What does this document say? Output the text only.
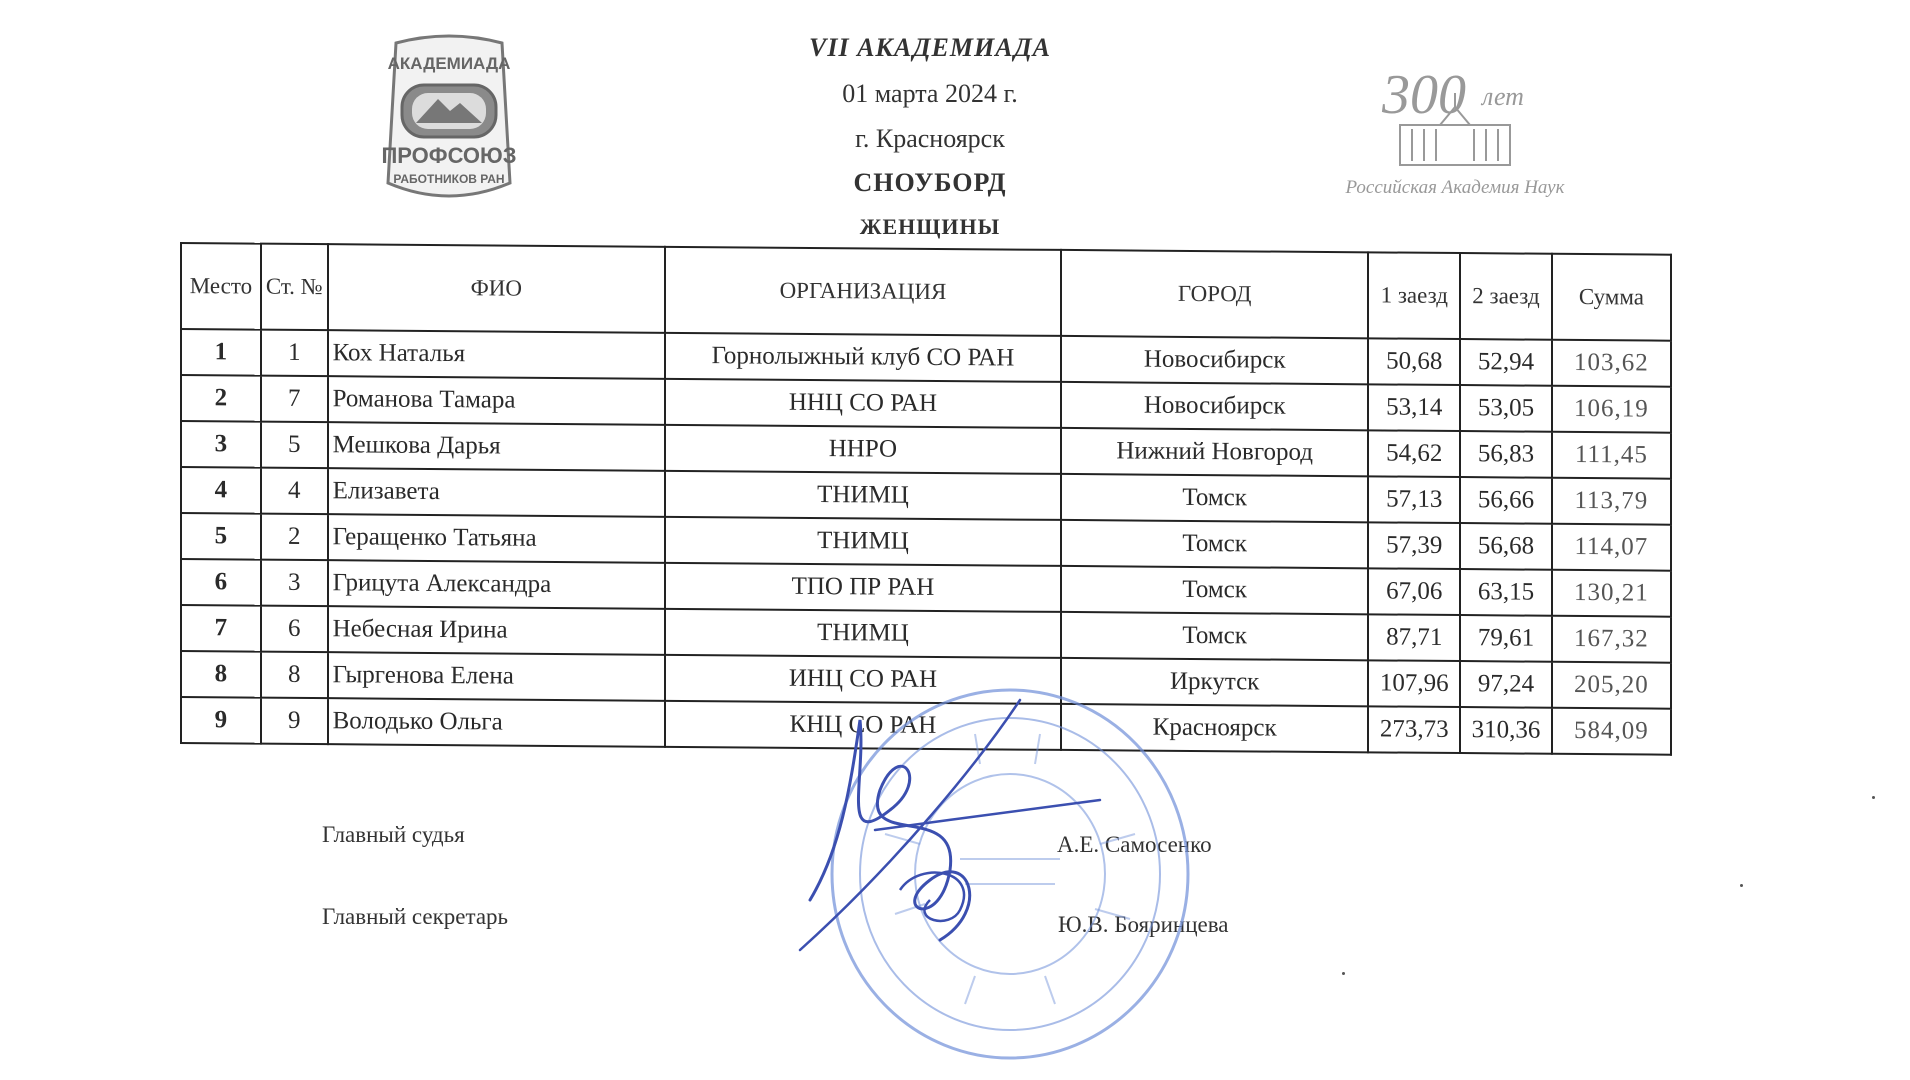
АКАДЕМИАДА
ПРОФСОЮЗ
РАБОТНИКОВ РАН
300 лет
Российская Академия Наук
VII АКАДЕМИАДА
01 марта 2024 г.
г. Красноярск
СНОУБОРД
ЖЕНЩИНЫ
Место	Ст. №	ФИО	ОРГАНИЗАЦИЯ	ГОРОД	1 заезд	2 заезд	Сумма
1	1	Кох Наталья	Горнолыжный клуб СО РАН	Новосибирск	50,68	52,94	103,62
2	7	Романова Тамара	ННЦ СО РАН	Новосибирск	53,14	53,05	106,19
3	5	Мешкова Дарья	ННРО	Нижний Новгород	54,62	56,83	111,45
4	4	Елизавета	ТНИМЦ	Томск	57,13	56,66	113,79
5	2	Геращенко Татьяна	ТНИМЦ	Томск	57,39	56,68	114,07
6	3	Грицута Александра	ТПО ПР РАН	Томск	67,06	63,15	130,21
7	6	Небесная Ирина	ТНИМЦ	Томск	87,71	79,61	167,32
8	8	Гыргенова Елена	ИНЦ СО РАН	Иркутск	107,96	97,24	205,20
9	9	Володько Ольга	КНЦ СО РАН	Красноярск	273,73	310,36	584,09
Главный судья	А.Е. Самосенко
Главный секретарь	Ю.В. Бояринцева
